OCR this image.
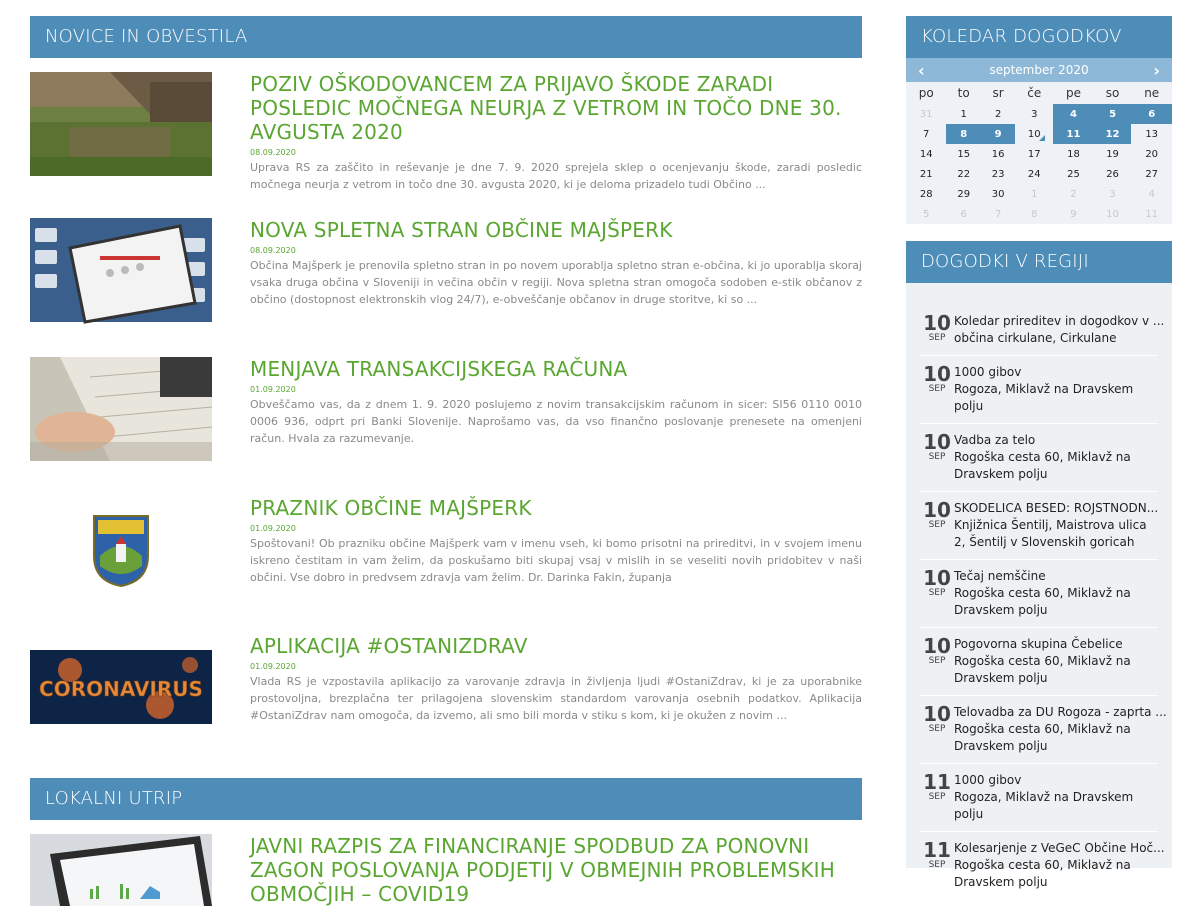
NOVICE IN OBVESTILA
POZIV OŠKODOVANCEM ZA PRIJAVO ŠKODE ZARADI POSLEDIC MOČNEGA NEURJA Z VETROM IN TOČO DNE 30. AVGUSTA 2020
08.09.2020
Uprava RS za zaščito in reševanje je dne 7. 9. 2020 sprejela sklep o ocenjevanju škode, zaradi posledic močnega neurja z vetrom in točo dne 30. avgusta 2020, ki je deloma prizadelo tudi Občino ...
NOVA SPLETNA STRAN OBČINE MAJŠPERK
08.09.2020
Občina Majšperk je prenovila spletno stran in po novem uporablja spletno stran e-občina, ki jo uporablja skoraj vsaka druga občina v Sloveniji in večina občin v regiji. Nova spletna stran omogoča sodoben e-stik občanov z občino (dostopnost elektronskih vlog 24/7), e-obveščanje občanov in druge storitve, ki so ...
MENJAVA TRANSAKCIJSKEGA RAČUNA
01.09.2020
Obveščamo vas, da z dnem 1. 9. 2020 poslujemo z novim transakcijskim računom in sicer: SI56 0110 0010 0006 936, odprt pri Banki Slovenije. Naprošamo vas, da vso finančno poslovanje prenesete na omenjeni račun. Hvala za razumevanje.
PRAZNIK OBČINE MAJŠPERK
01.09.2020
Spoštovani! Ob prazniku občine Majšperk vam v imenu vseh, ki bomo prisotni na prireditvi, in v svojem imenu iskreno čestitam in vam želim, da poskušamo biti skupaj vsaj v mislih in se veseliti novih pridobitev v naši občini. Vse dobro in predvsem zdravja vam želim. Dr. Darinka Fakin, županja
CORONAVIRUS
APLIKACIJA #OSTANIZDRAV
01.09.2020
Vlada RS je vzpostavila aplikacijo za varovanje zdravja in življenja ljudi #OstaniZdrav, ki je za uporabnike prostovoljna, brezplačna ter prilagojena slovenskim standardom varovanja osebnih podatkov. Aplikacija #OstaniZdrav nam omogoča, da izvemo, ali smo bili morda v stiku s kom, ki je okužen z novim ...
LOKALNI UTRIP
JAVNI RAZPIS ZA FINANCIRANJE SPODBUD ZA PONOVNI ZAGON POSLOVANJA PODJETIJ V OBMEJNIH PROBLEMSKIH OBMOČJIH – COVID19
KOLEDAR DOGODKOV
‹	september 2020	›
po	to	sr	če	pe	so	ne
31	1	2	3	4	5	6
7	8	9	10	11	12	13
14	15	16	17	18	19	20
21	22	23	24	25	26	27
28	29	30	1	2	3	4
5	6	7	8	9	10	11
DOGODKI V REGIJI
10
SEP
Koledar prireditev in dogodkov v ...
občina cirkulane, Cirkulane
10
SEP
1000 gibov
Rogoza, Miklavž na Dravskem polju
10
SEP
Vadba za telo
Rogoška cesta 60, Miklavž na Dravskem polju
10
SEP
SKODELICA BESED: ROJSTNODN...
Knjižnica Šentilj, Maistrova ulica 2, Šentilj v Slovenskih goricah
10
SEP
Tečaj nemščine
Rogoška cesta 60, Miklavž na Dravskem polju
10
SEP
Pogovorna skupina Čebelice
Rogoška cesta 60, Miklavž na Dravskem polju
10
SEP
Telovadba za DU Rogoza - zaprta ...
Rogoška cesta 60, Miklavž na Dravskem polju
11
SEP
1000 gibov
Rogoza, Miklavž na Dravskem polju
11
SEP
Kolesarjenje z VeGeC Občine Hoč...
Rogoška cesta 60, Miklavž na Dravskem polju
